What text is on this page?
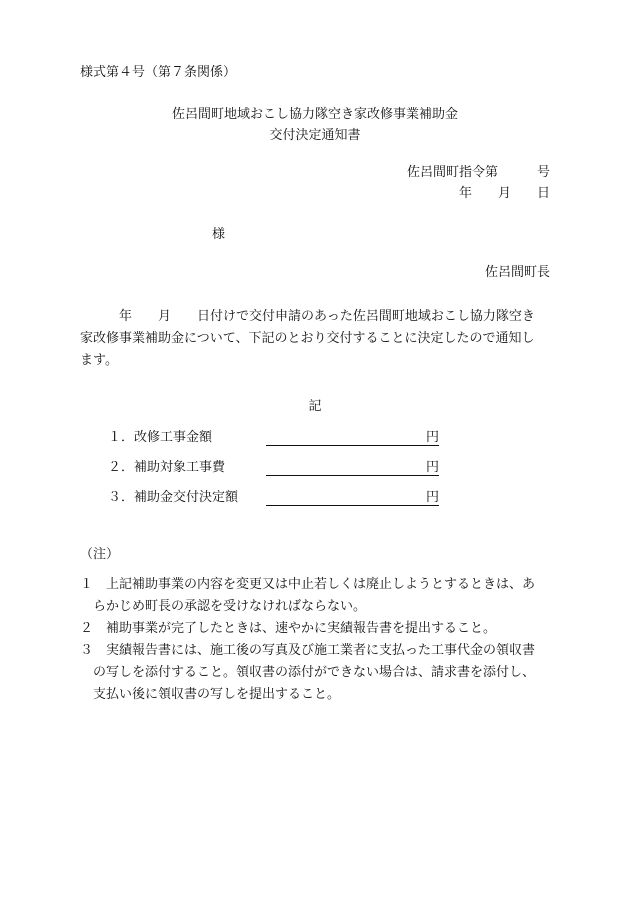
様式第４号（第７条関係）
佐呂間町地域おこし協力隊空き家改修事業補助金
交付決定通知書
佐呂間町指令第　　　号
年　　月　　日
様
佐呂間町長
　　　年　　月　　日付けで交付申請のあった佐呂間町地域おこし協力隊空き
家改修事業補助金について、下記のとおり交付することに決定したので通知し
ます。
記
１．改修工事金額	円
２．補助対象工事費	円
３．補助金交付決定額	円
（注）
１　上記補助事業の内容を変更又は中止若しくは廃止しようとするときは、あ
らかじめ町長の承認を受けなければならない。
２　補助事業が完了したときは、速やかに実績報告書を提出すること。
３　実績報告書には、施工後の写真及び施工業者に支払った工事代金の領収書
の写しを添付すること。領収書の添付ができない場合は、請求書を添付し、
支払い後に領収書の写しを提出すること。
